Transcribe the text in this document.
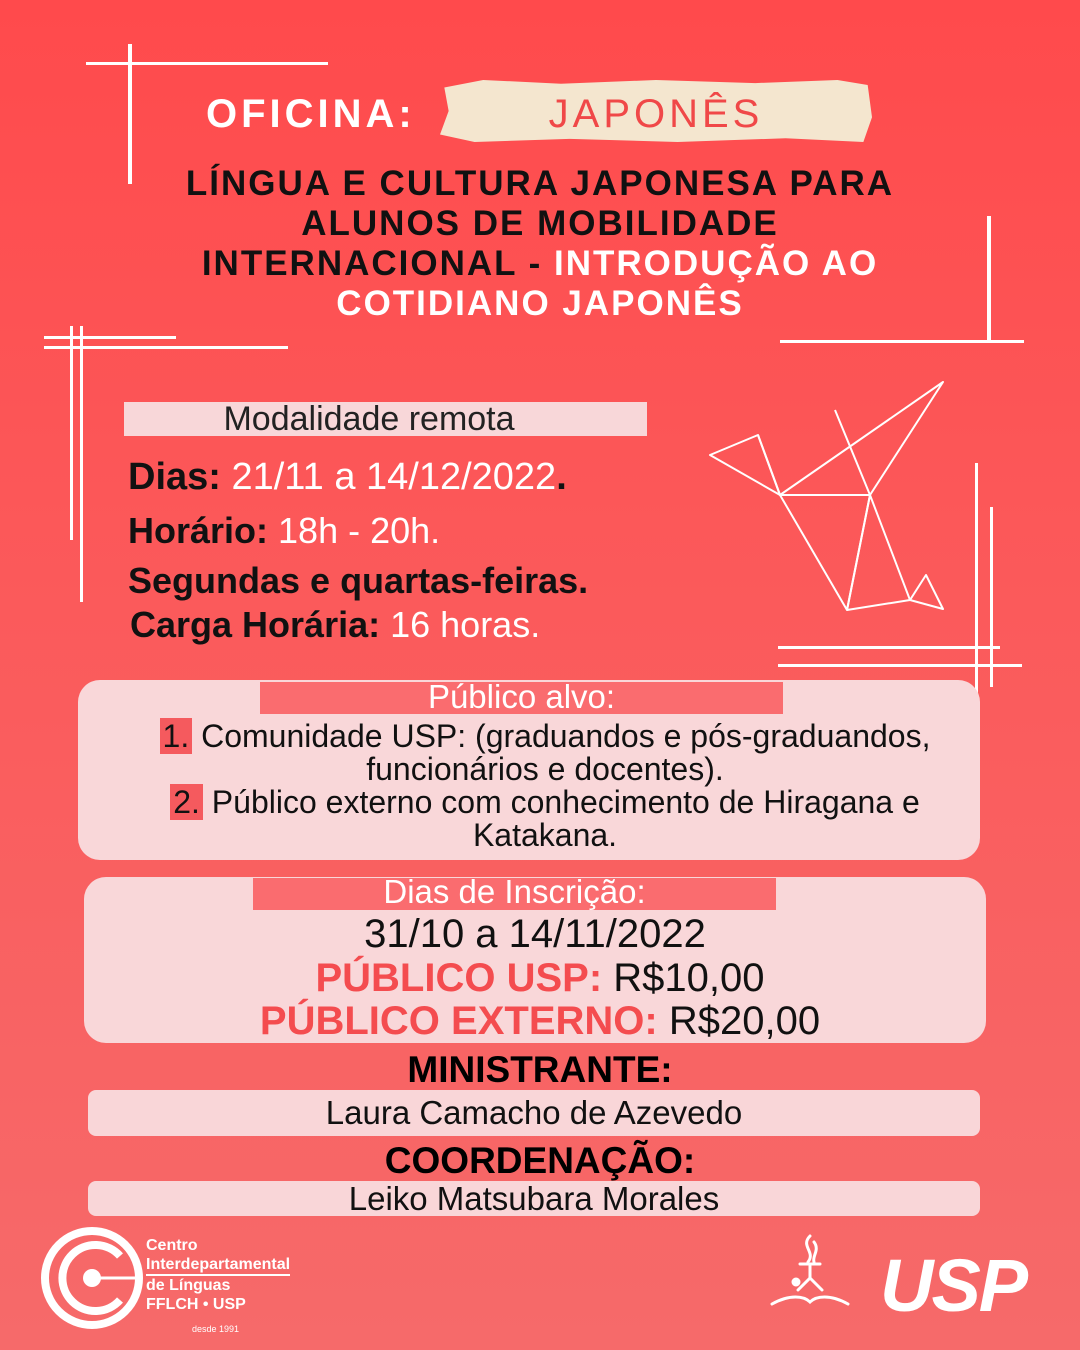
OFICINA:	JAPONÊS
LÍNGUA E CULTURA JAPONESA PARA ALUNOS DE MOBILIDADE INTERNACIONAL - INTRODUÇÃO AO COTIDIANO JAPONÊS
Modalidade remota
Dias: 21/11 a 14/12/2022.
Horário: 18h - 20h.
Segundas e quartas-feiras.
Carga Horária: 16 horas.
Público alvo:
1. Comunidade USP: (graduandos e pós-graduandos, funcionários e docentes).
2. Público externo com conhecimento de Hiragana e Katakana.
Dias de Inscrição:
31/10 a 14/11/2022
PÚBLICO USP: R$10,00
PÚBLICO EXTERNO: R$20,00
MINISTRANTE:
Laura Camacho de Azevedo
COORDENAÇÃO:
Leiko Matsubara Morales
Centro
Interdepartamental
de Línguas
FFLCH • USP
desde 1991
USP
